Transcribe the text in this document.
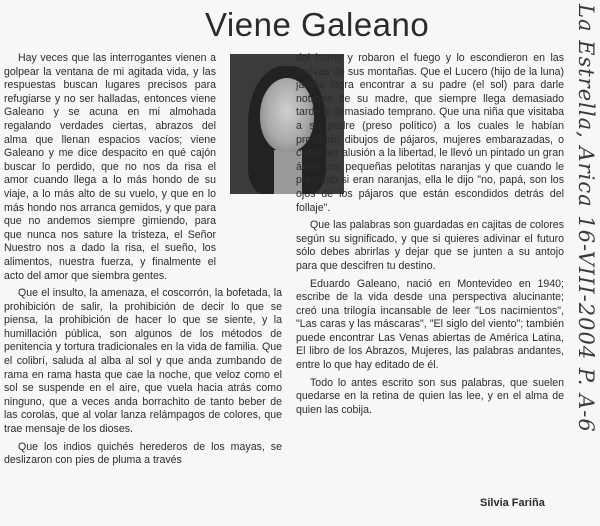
Viene Galeano

Hay veces que las interrogantes vienen a golpear la ventana de mi agitada vida, y las respuestas buscan lugares precisos para refugiarse y no ser halladas, entonces viene Galeano y se acuna en mi almohada regalando verdades ciertas, abrazos del alma que llenan espacios vacíos; viene Galeano y me dice despacito en qué cajón buscar lo perdido, que no nos da risa el amor cuando llega a lo más hondo de su viaje, a lo más alto de su vuelo, y que en lo más hondo nos arranca gemidos, y que para que no andemos siempre gimiendo, para que nunca nos sature la tristeza, el Señor Nuestro nos a dado la risa, el sueño, los alimentos, nuestra fuerza, y finalmente el acto del amor que siembra gentes.

Que el insulto, la amenaza, el coscorrón, la bofetada, la prohibición de salir, la prohibición de decir lo que se piensa, la prohibición de hacer lo que se siente, y la humillación pública, son algunos de los métodos de penitencia y tortura tradicionales en la vida de familia. Que el colibrí, saluda al alba al sol y que anda zumbando de rama en rama hasta que cae la noche, que veloz como el sol se suspende en el aire, que vuela hacia atrás como ninguno, que a veces anda borrachito de tanto beber de las corolas, que al volar lanza relámpagos de colores, que trae mensaje de los dioses.

Que los indios quichés herederos de los mayas, se deslizaron con pies de pluma a través

del humo y robaron el fuego y lo escondieron en las cuevas de sus montañas. Que el Lucero (hijo de la luna) jamás logra encontrar a su padre (el sol) para darle noticias de su madre, que siempre llega demasiado tarde o demasiado temprano. Que una niña que visitaba a su padre (preso político) a los cuales le habían prohibido dibujos de pájaros, mujeres embarazadas, o cualquier alusión a la libertad, le llevó un pintado un gran árbol con pequeñas pelotitas naranjas y que cuando le preguntó si eran naranjas, ella le dijo "no, papá, son los ojos de los pájaros que están escondidos detrás del follaje".

Que las palabras son guardadas en cajitas de colores según su significado, y que si quieres adivinar el futuro sólo debes abrirlas y dejar que se junten a su antojo para que descifren tu destino.

Eduardo Galeano, nació en Montevideo en 1940; escribe de la vida desde una perspectiva alucinante; creó una trilogía incansable de leer "Los nacimientos", "Las caras y las máscaras", "El siglo del viento"; también puede encontrar Las Venas abiertas de América Latina, El libro de los Abrazos, Mujeres, las palabras andantes, entre lo que hay editado de él.

Todo lo antes escrito son sus palabras, que suelen quedarse en la retina de quien las lee, y en el alma de quien las cobija.

Silvia Fariña
La Estrella, Arica 16-VIII-2004 P. A-6
